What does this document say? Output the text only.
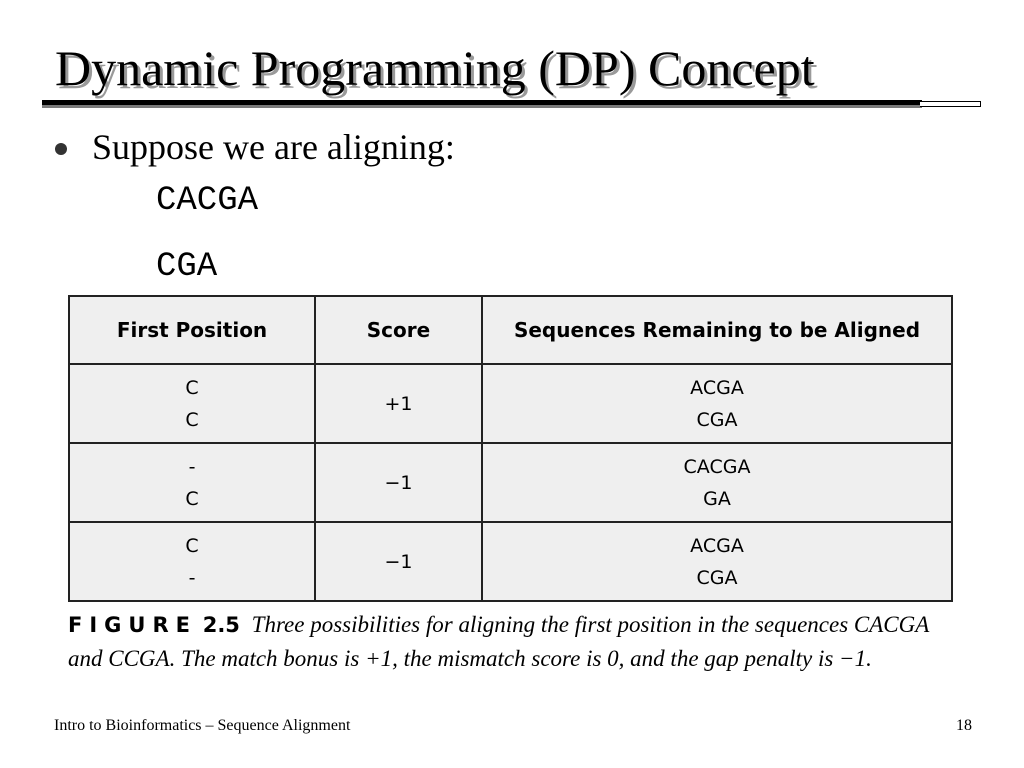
Dynamic Programming (DP) Concept
Suppose we are aligning:
CACGA
CGA
First Position	Score	Sequences Remaining to be Aligned

C
C	+1	ACGA
CGA

-
C	−1	CACGA
GA

C
-	−1	ACGA
CGA
FIGURE 2.5 Three possibilities for aligning the first position in the sequences CACGA and CCGA. The match bonus is +1, the mismatch score is 0, and the gap penalty is −1.
Intro to Bioinformatics – Sequence Alignment	18
